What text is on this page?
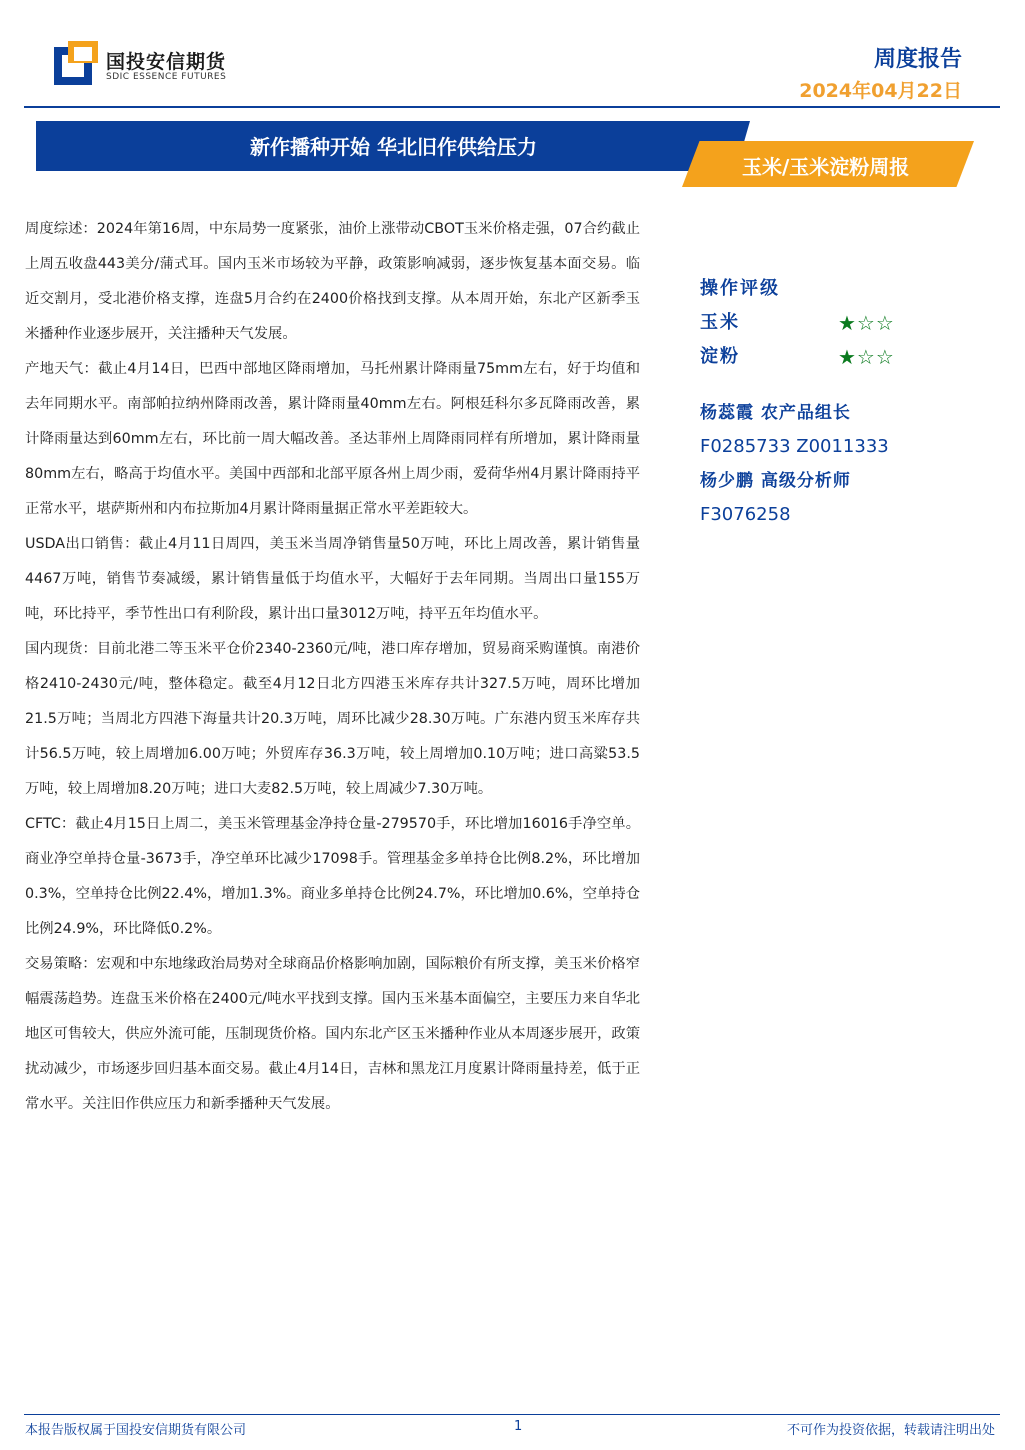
国投安信期货
SDIC ESSENCE FUTURES
周度报告
2024年04月22日
新作播种开始 华北旧作供给压力
玉米/玉米淀粉周报

周度综述：2024年第16周，中东局势一度紧张，油价上涨带动CBOT玉米价格走强，07合约截止上周五收盘443美分/蒲式耳。国内玉米市场较为平静，政策影响减弱，逐步恢复基本面交易。临近交割月，受北港价格支撑，连盘5月合约在2400价格找到支撑。从本周开始，东北产区新季玉米播种作业逐步展开，关注播种天气发展。

产地天气：截止4月14日，巴西中部地区降雨增加，马托州累计降雨量75mm左右，好于均值和去年同期水平。南部帕拉纳州降雨改善，累计降雨量40mm左右。阿根廷科尔多瓦降雨改善，累计降雨量达到60mm左右，环比前一周大幅改善。圣达菲州上周降雨同样有所增加，累计降雨量80mm左右，略高于均值水平。美国中西部和北部平原各州上周少雨，爱荷华州4月累计降雨持平正常水平，堪萨斯州和内布拉斯加4月累计降雨量据正常水平差距较大。

USDA出口销售：截止4月11日周四，美玉米当周净销售量50万吨，环比上周改善，累计销售量4467万吨，销售节奏减缓，累计销售量低于均值水平，大幅好于去年同期。当周出口量155万吨，环比持平，季节性出口有利阶段，累计出口量3012万吨，持平五年均值水平。

国内现货：目前北港二等玉米平仓价2340-2360元/吨，港口库存增加，贸易商采购谨慎。南港价格2410-2430元/吨，整体稳定。截至4月12日北方四港玉米库存共计327.5万吨，周环比增加21.5万吨；当周北方四港下海量共计20.3万吨，周环比减少28.30万吨。广东港内贸玉米库存共计56.5万吨，较上周增加6.00万吨；外贸库存36.3万吨，较上周增加0.10万吨；进口高粱53.5万吨，较上周增加8.20万吨；进口大麦82.5万吨，较上周减少7.30万吨。

CFTC：截止4月15日上周二，美玉米管理基金净持仓量-279570手，环比增加16016手净空单。商业净空单持仓量-3673手，净空单环比减少17098手。管理基金多单持仓比例8.2%，环比增加0.3%，空单持仓比例22.4%，增加1.3%。商业多单持仓比例24.7%，环比增加0.6%，空单持仓比例24.9%，环比降低0.2%。

交易策略：宏观和中东地缘政治局势对全球商品价格影响加剧，国际粮价有所支撑，美玉米价格窄幅震荡趋势。连盘玉米价格在2400元/吨水平找到支撑。国内玉米基本面偏空，主要压力来自华北地区可售较大，供应外流可能，压制现货价格。国内东北产区玉米播种作业从本周逐步展开，政策扰动减少，市场逐步回归基本面交易。截止4月14日，吉林和黑龙江月度累计降雨量持差，低于正常水平。关注旧作供应压力和新季播种天气发展。

操作评级
玉米	★☆☆
淀粉	★☆☆
杨蕊霞 农产品组长
F0285733 Z0011333
杨少鹏 高级分析师
F3076258
本报告版权属于国投安信期货有限公司	1	不可作为投资依据，转载请注明出处
